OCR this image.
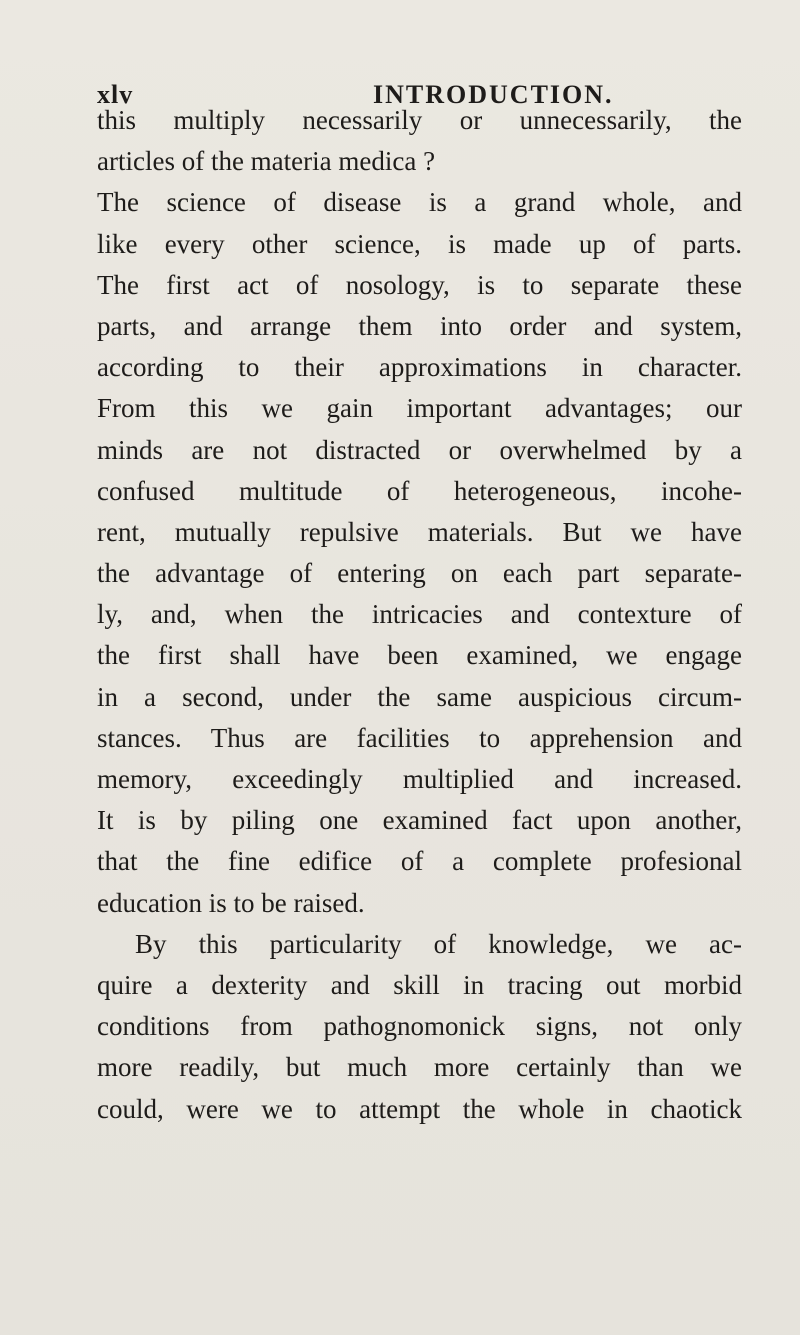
xlv	INTRODUCTION.
this multiply necessarily or unnecessarily, the
articles of the materia medica ?
The science of disease is a grand whole, and
like every other science, is made up of parts.
The first act of nosology, is to separate these
parts, and arrange them into order and system,
according to their approximations in character.
From this we gain important advantages; our
minds are not distracted or overwhelmed by a
confused multitude of heterogeneous, incohe-
rent, mutually repulsive materials. But we have
the advantage of entering on each part separate-
ly, and, when the intricacies and contexture of
the first shall have been examined, we engage
in a second, under the same auspicious circum-
stances. Thus are facilities to apprehension and
memory, exceedingly multiplied and increased.
It is by piling one examined fact upon another,
that the fine edifice of a complete profesional
education is to be raised.
By this particularity of knowledge, we ac-
quire a dexterity and skill in tracing out morbid
conditions from pathognomonick signs, not only
more readily, but much more certainly than we
could, were we to attempt the whole in chaotick
